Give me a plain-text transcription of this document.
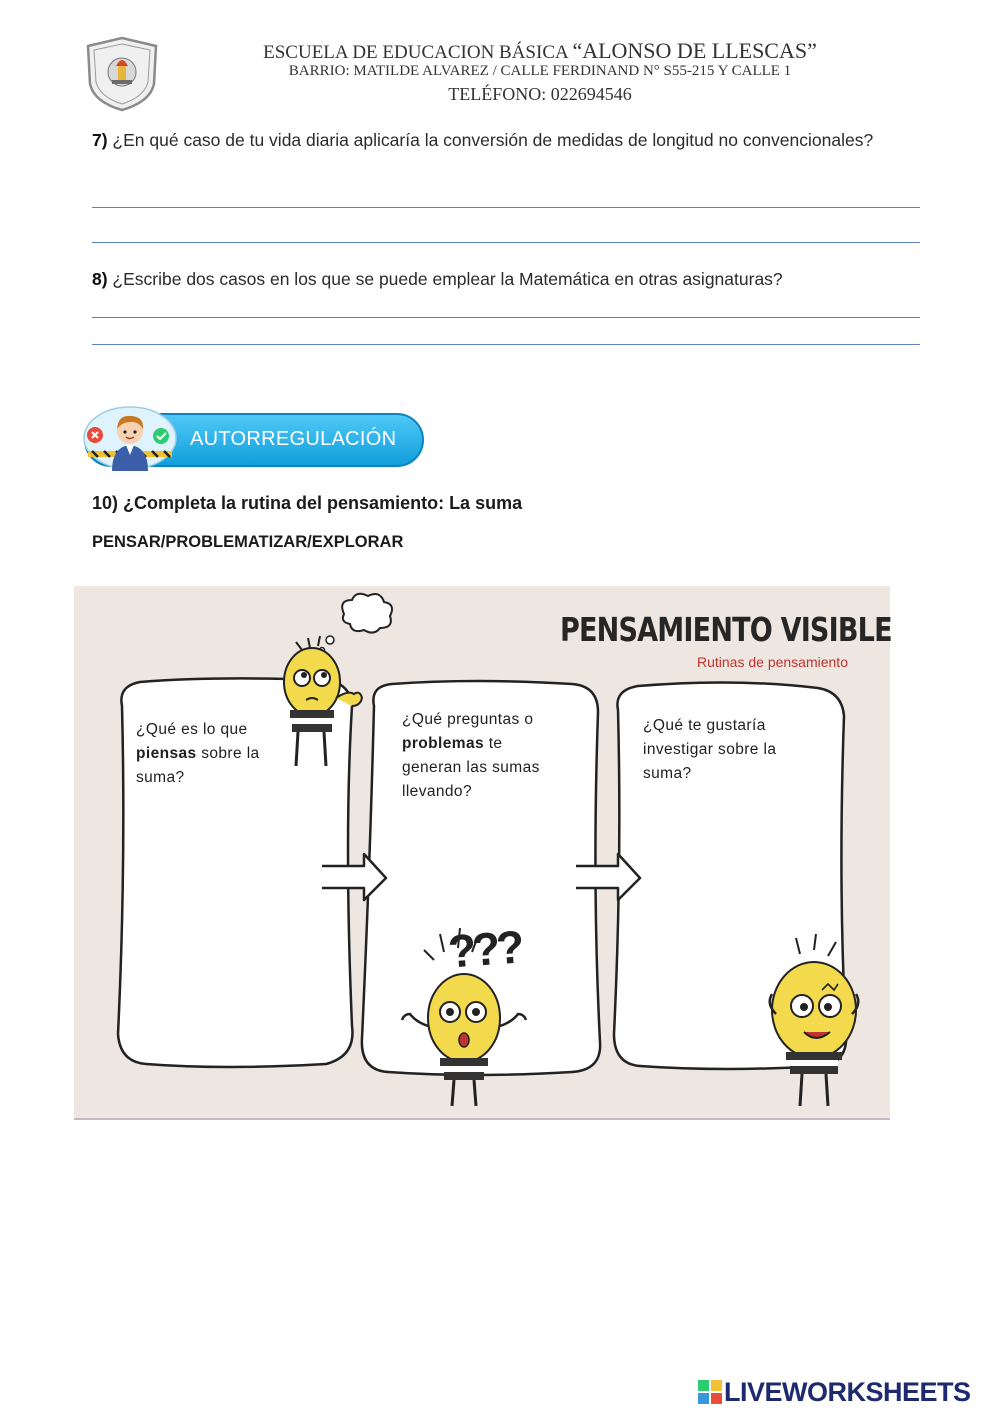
ESCUELA DE EDUCACION BÁSICA “ALONSO DE LLESCAS”
BARRIO: MATILDE ALVAREZ / CALLE FERDINAND N° S55-215 Y CALLE 1
TELÉFONO: 022694546
7) ¿En qué caso de tu vida diaria aplicaría la conversión de medidas de longitud no convencionales?
8) ¿Escribe dos casos en los que se puede emplear la Matemática en otras asignaturas?
AUTORREGULACIÓN
10) ¿Completa la rutina del pensamiento: La suma
PENSAR/PROBLEMATIZAR/EXPLORAR
???
PENSAMIENTO VISIBLE
Rutinas de pensamiento
¿Qué es lo que
piensas sobre la
suma?
¿Qué preguntas o
problemas te
generan las sumas
llevando?
¿Qué te gustaría
investigar sobre la
suma?
LIVEWORKSHEETS
